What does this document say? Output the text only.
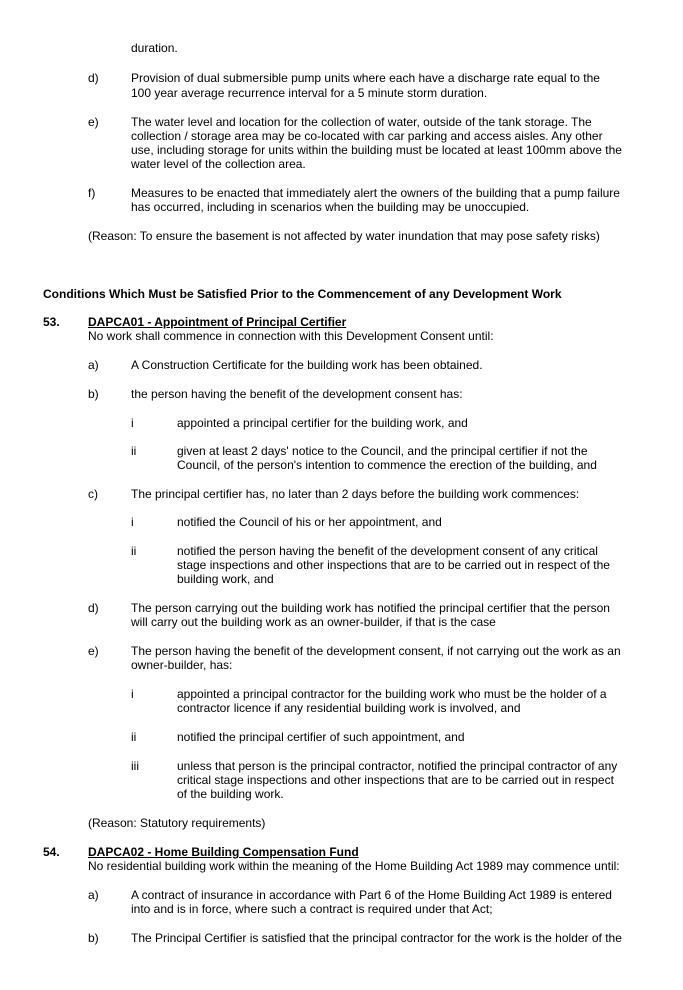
duration.
d)	Provision of dual submersible pump units where each have a discharge rate equal to the
100 year average recurrence interval for a 5 minute storm duration.
e)	The water level and location for the collection of water, outside of the tank storage. The
collection / storage area may be co-located with car parking and access aisles. Any other
use, including storage for units within the building must be located at least 100mm above the
water level of the collection area.
f)	Measures to be enacted that immediately alert the owners of the building that a pump failure
has occurred, including in scenarios when the building may be unoccupied.
(Reason: To ensure the basement is not affected by water inundation that may pose safety risks)
Conditions Which Must be Satisfied Prior to the Commencement of any Development Work
53. DAPCA01 - Appointment of Principal Certifier
No work shall commence in connection with this Development Consent until:
a)	A Construction Certificate for the building work has been obtained.
b)	the person having the benefit of the development consent has:
i	appointed a principal certifier for the building work, and
ii	given at least 2 days' notice to the Council, and the principal certifier if not the
Council, of the person's intention to commence the erection of the building, and
c)	The principal certifier has, no later than 2 days before the building work commences:
i	notified the Council of his or her appointment, and
ii	notified the person having the benefit of the development consent of any critical
stage inspections and other inspections that are to be carried out in respect of the
building work, and
d)	The person carrying out the building work has notified the principal certifier that the person
will carry out the building work as an owner-builder, if that is the case
e)	The person having the benefit of the development consent, if not carrying out the work as an
owner-builder, has:
i	appointed a principal contractor for the building work who must be the holder of a
contractor licence if any residential building work is involved, and
ii	notified the principal certifier of such appointment, and
iii	unless that person is the principal contractor, notified the principal contractor of any
critical stage inspections and other inspections that are to be carried out in respect
of the building work.
(Reason: Statutory requirements)
54. DAPCA02 - Home Building Compensation Fund
No residential building work within the meaning of the Home Building Act 1989 may commence until:
a)	A contract of insurance in accordance with Part 6 of the Home Building Act 1989 is entered
into and is in force, where such a contract is required under that Act;
b)	The Principal Certifier is satisfied that the principal contractor for the work is the holder of the
